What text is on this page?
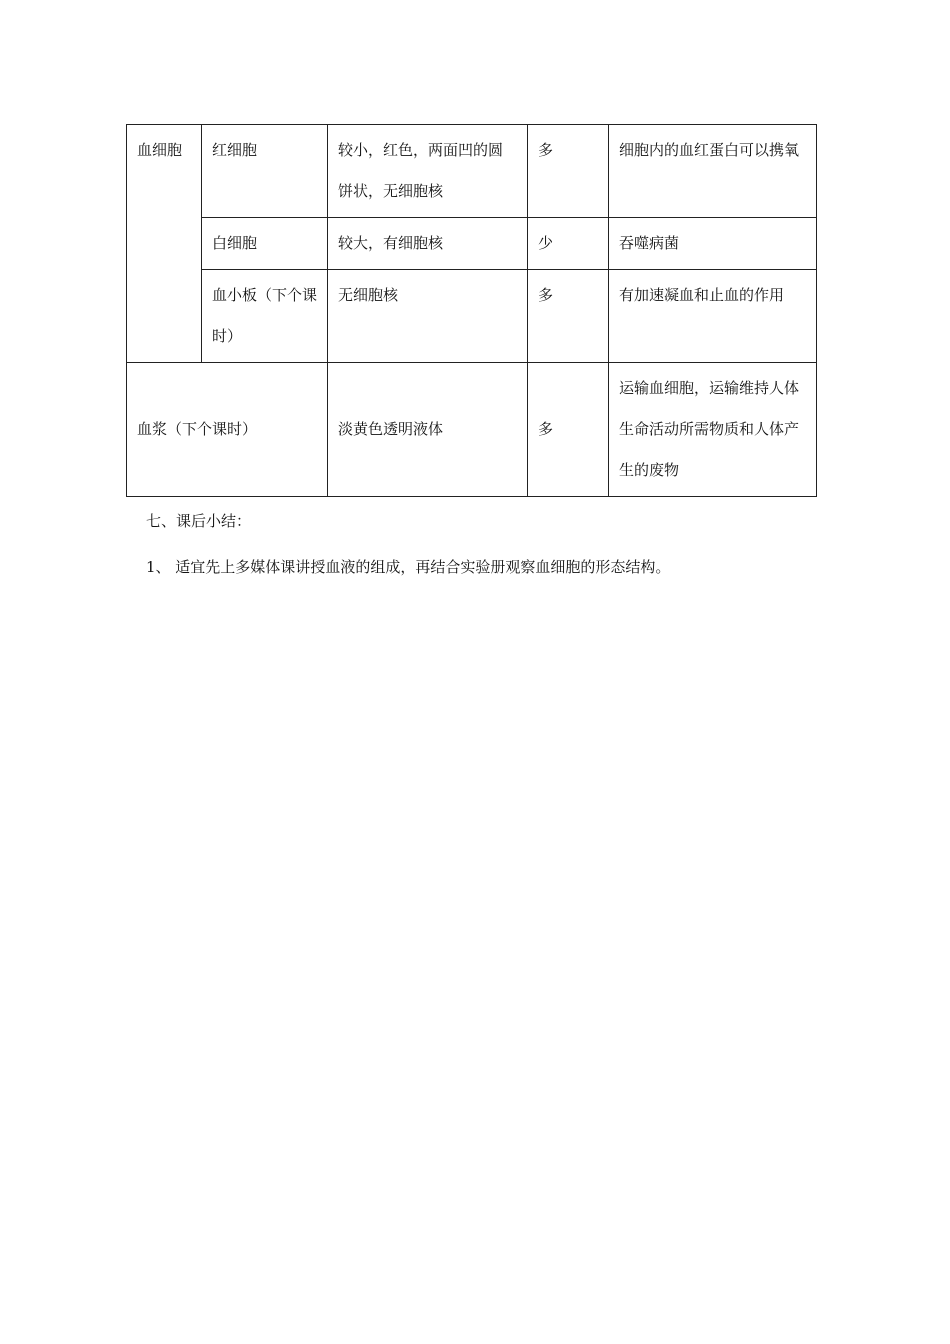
血细胞	红细胞	较小，红色，两面凹的圆饼状，无细胞核	多	细胞内的血红蛋白可以携氧
	白细胞	较大，有细胞核	少	吞噬病菌
	血小板（下个课时）	无细胞核	多	有加速凝血和止血的作用
血浆（下个课时）		淡黄色透明液体	多	运输血细胞，运输维持人体生命活动所需物质和人体产生的废物
七、课后小结：
1、 适宜先上多媒体课讲授血液的组成，再结合实验册观察血细胞的形态结构。
